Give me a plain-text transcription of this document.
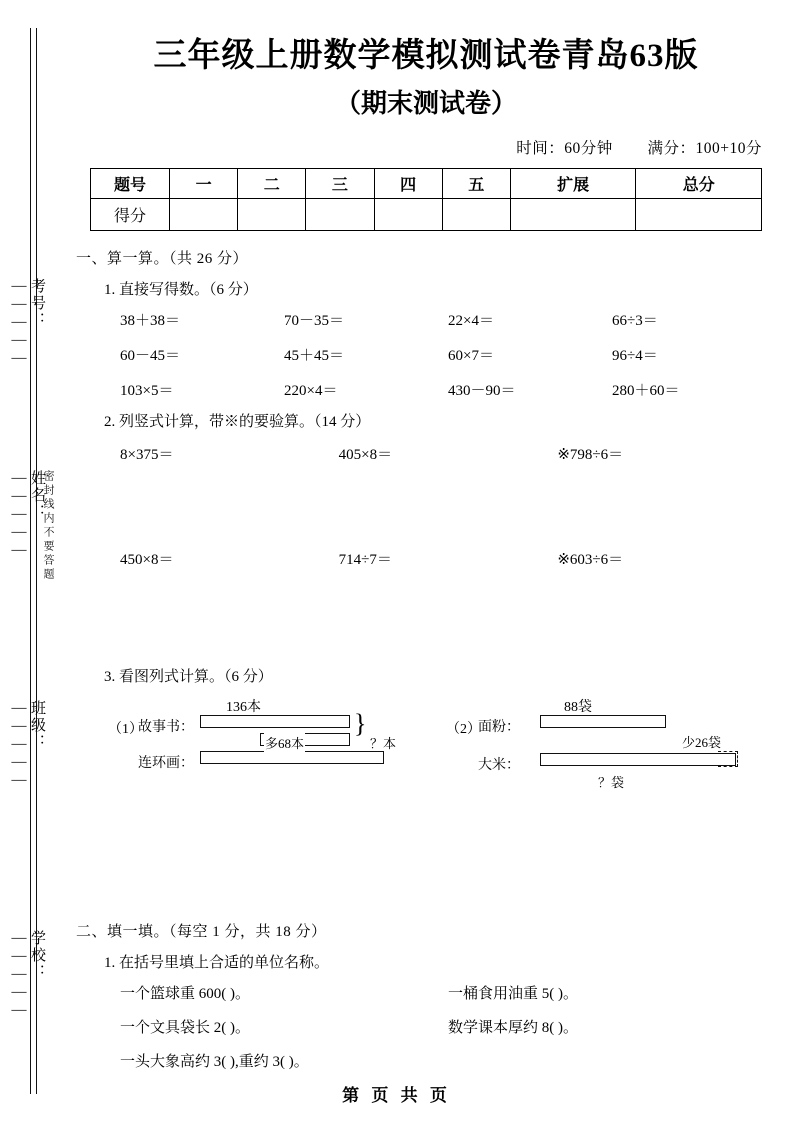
考号：
—————
姓名：
—————
班级：
—————
学校：
—————
密封线内不要答题
三年级上册数学模拟测试卷青岛63版
（期末测试卷）
时间：60分钟 满分：100+10分
题号	一	二	三	四	五	扩展	总分
得分							
一、算一算。（共 26 分）
1. 直接写得数。（6 分）
38＋38＝	70－35＝	22×4＝	66÷3＝
60－45＝	45＋45＝	60×7＝	96÷4＝
103×5＝	220×4＝	430－90＝	280＋60＝
2. 列竖式计算，带※的要验算。（14 分）
8×375＝	405×8＝	※798÷6＝
450×8＝	714÷7＝	※603÷6＝
3. 看图列式计算。（6 分）
（1）
136本
故事书：
连环画：
多68本
}
？本
（2）
88袋
面粉：
大米：
少26袋
？袋
二、填一填。（每空 1 分，共 18 分）
1. 在括号里填上合适的单位名称。
一个篮球重 600( )。	一桶食用油重 5( )。
一个文具袋长 2( )。	数学课本厚约 8( )。
一头大象高约 3( ),重约 3( )。
第 页 共 页
